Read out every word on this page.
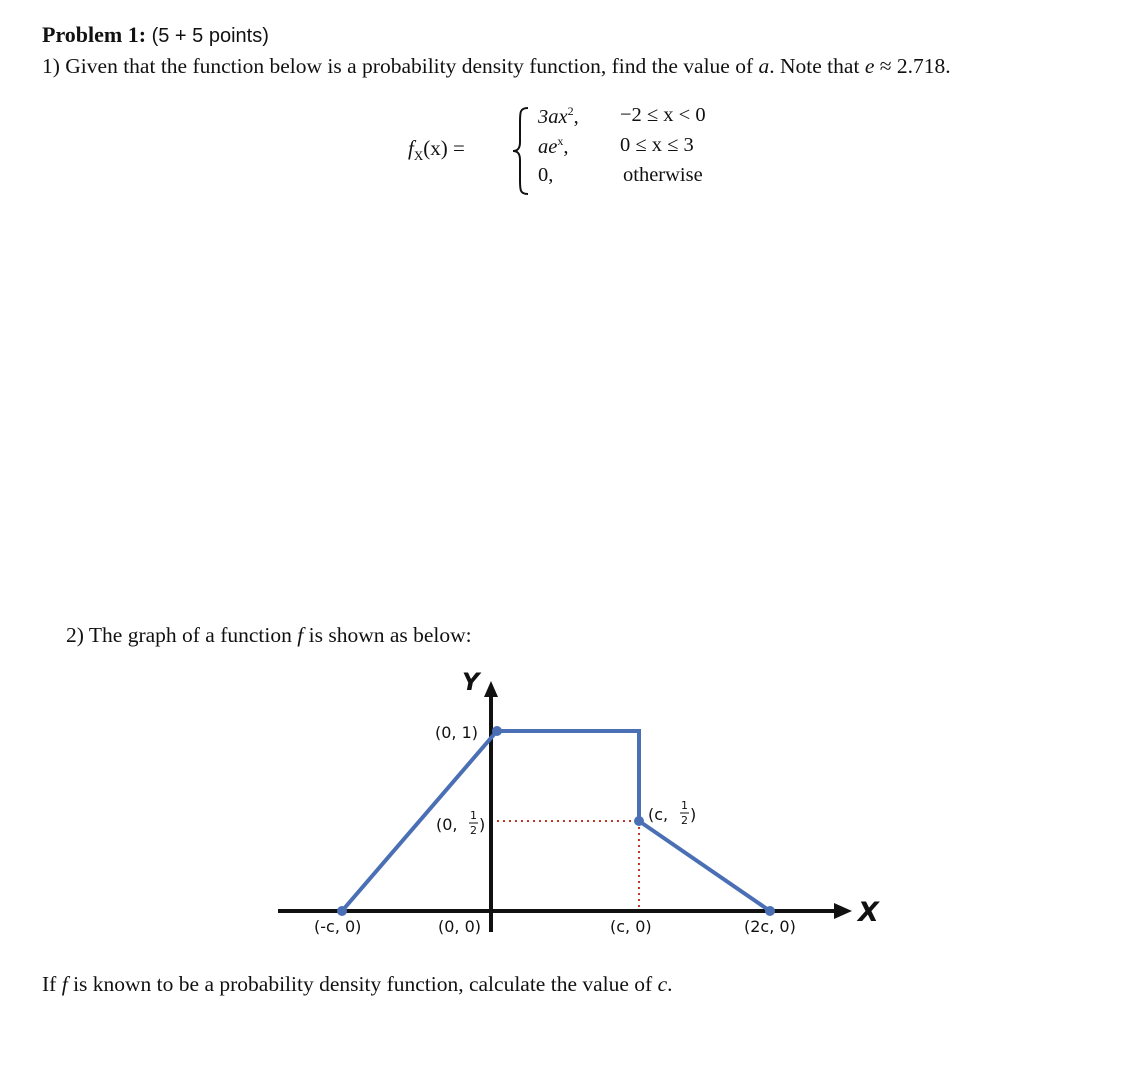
Problem 1: (5 + 5 points)
1) Given that the function below is a probability density function, find the value of a. Note that e ≈ 2.718.
$f_X(x)$ =
$3ax^2$, −2 ≤ x < 0
$ae^x$,	0 ≤ x ≤ 3
0,	otherwise
2) The graph of a function f is shown as below:
Y
X
(0, 1)
(0, 1
2 )
(c, 1
2 )
(-c, 0)	(0, 0)	(c, 0)	(2c, 0)
If f is known to be a probability density function, calculate the value of c.
